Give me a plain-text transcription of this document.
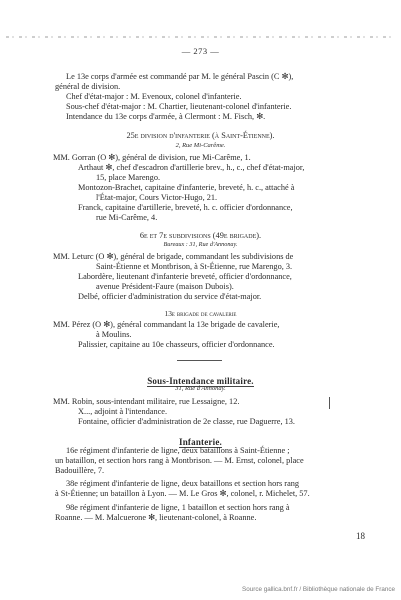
— 273 —
Le 13e corps d'armée est commandé par M. le général Pascin (C ✻),
général de division.
Chef d'état-major : M. Evenoux, colonel d'infanterie.
Sous-chef d'état-major : M. Chartier, lieutenant-colonel d'infanterie.
Intendance du 13e corps d'armée, à Clermont : M. Fisch, ✻.
25e division d'infanterie (à Saint-Étienne).
2, Rue Mi-Carême.
MM. Gorran (O ✻), général de division, rue Mi-Carême, 1.
Arthaut ✻, chef d'escadron d'artillerie brev., h., c., chef d'état-major,
15, place Marengo.
Montozon-Brachet, capitaine d'infanterie, breveté, h. c., attaché à
l'État-major, Cours Victor-Hugo, 21.
Franck, capitaine d'artillerie, breveté, h. c. officier d'ordonnance,
rue Mi-Carême, 4.
6e et 7e subdivisions (49e brigade).
Bureaux : 31, Rue d'Annonay.
MM. Leturc (O ✻), général de brigade, commandant les subdivisions de
Saint-Étienne et Montbrison, à St-Étienne, rue Marengo, 3.
Labordère, lieutenant d'infanterie breveté, officier d'ordonnance,
avenue Président-Faure (maison Dubois).
Delbé, officier d'administration du service d'état-major.
13e brigade de cavalerie
MM. Pérez (O ✻), général commandant la 13e brigade de cavalerie,
à Moulins.
Palissier, capitaine au 10e chasseurs, officier d'ordonnance.
Sous-Intendance militaire.
31, Rue d'Annonay.
MM. Robin, sous-intendant militaire, rue Lessaigne, 12.
X..., adjoint à l'intendance.
Fontaine, officier d'administration de 2e classe, rue Daguerre, 13.
Infanterie.
16e régiment d'infanterie de ligne, deux bataillons à Saint-Étienne ;
un bataillon, et section hors rang à Montbrison. — M. Ernst, colonel, place
Badouillère, 7.
38e régiment d'infanterie de ligne, deux bataillons et section hors rang
à St-Étienne; un bataillon à Lyon. — M. Le Gros ✻, colonel, r. Michelet, 57.
98e régiment d'infanterie de ligne, 1 bataillon et section hors rang à
Roanne. — M. Malcuerone ✻, lieutenant-colonel, à Roanne.
18
Source gallica.bnf.fr / Bibliothèque nationale de France
